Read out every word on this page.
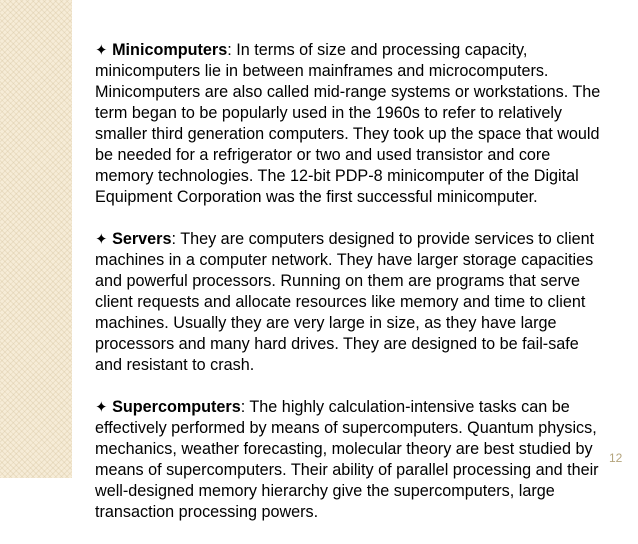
✦ Minicomputers: In terms of size and processing capacity, minicomputers lie in between mainframes and microcomputers. Minicomputers are also called mid-range systems or workstations. The term began to be popularly used in the 1960s to refer to relatively smaller third generation computers. They took up the space that would be needed for a refrigerator or two and used transistor and core memory technologies. The 12-bit PDP-8 minicomputer of the Digital Equipment Corporation was the first successful minicomputer.

✦ Servers: They are computers designed to provide services to client machines in a computer network. They have larger storage capacities and powerful processors. Running on them are programs that serve client requests and allocate resources like memory and time to client machines. Usually they are very large in size, as they have large processors and many hard drives. They are designed to be fail-safe and resistant to crash.

✦ Supercomputers: The highly calculation-intensive tasks can be effectively performed by means of supercomputers. Quantum physics, mechanics, weather forecasting, molecular theory are best studied by means of supercomputers. Their ability of parallel processing and their well-designed memory hierarchy give the supercomputers, large transaction processing powers.

12
